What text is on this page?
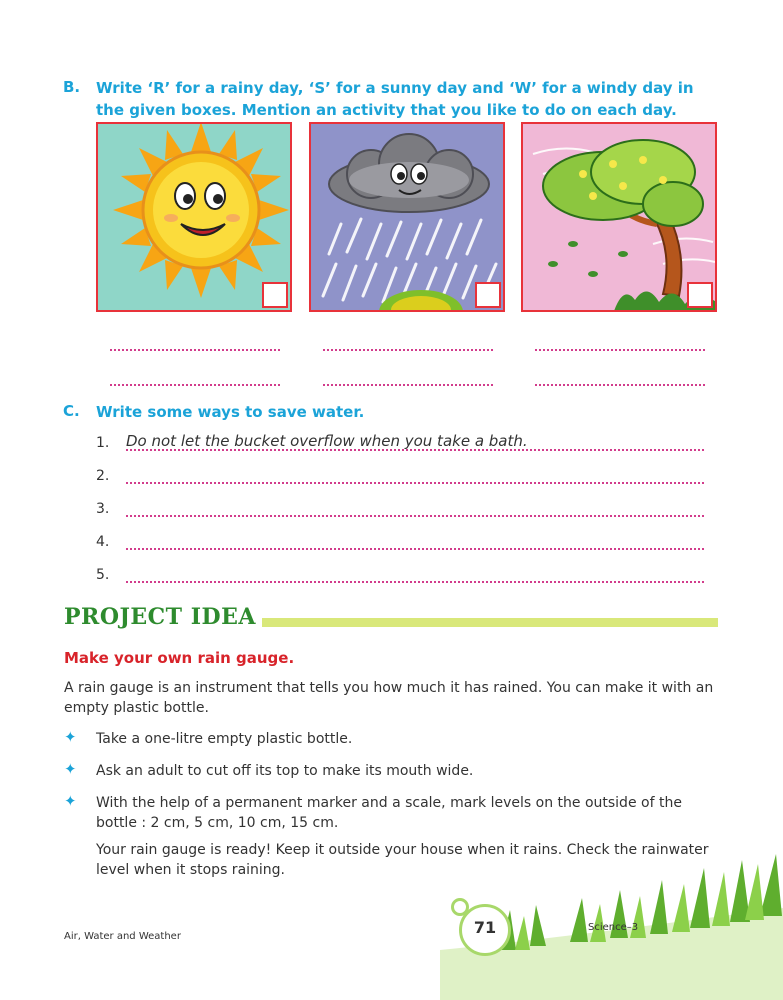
B. Write ‘R’ for a rainy day, ‘S’ for a sunny day and ‘W’ for a windy day in the given boxes. Mention an activity that you like to do on each day.
C. Write some ways to save water.
1. Do not let the bucket overflow when you take a bath.
2.
3.
4.
5.
PROJECT IDEA
Make your own rain gauge.
A rain gauge is an instrument that tells you how much it has rained. You can make it with an empty plastic bottle.
✦ Take a one-litre empty plastic bottle.
✦ Ask an adult to cut off its top to make its mouth wide.
✦ With the help of a permanent marker and a scale, mark levels on the outside of the bottle : 2 cm, 5 cm, 10 cm, 15 cm.
Your rain gauge is ready! Keep it outside your house when it rains. Check the rainwater level when it stops raining.
71	Science–3
Air, Water and Weather
